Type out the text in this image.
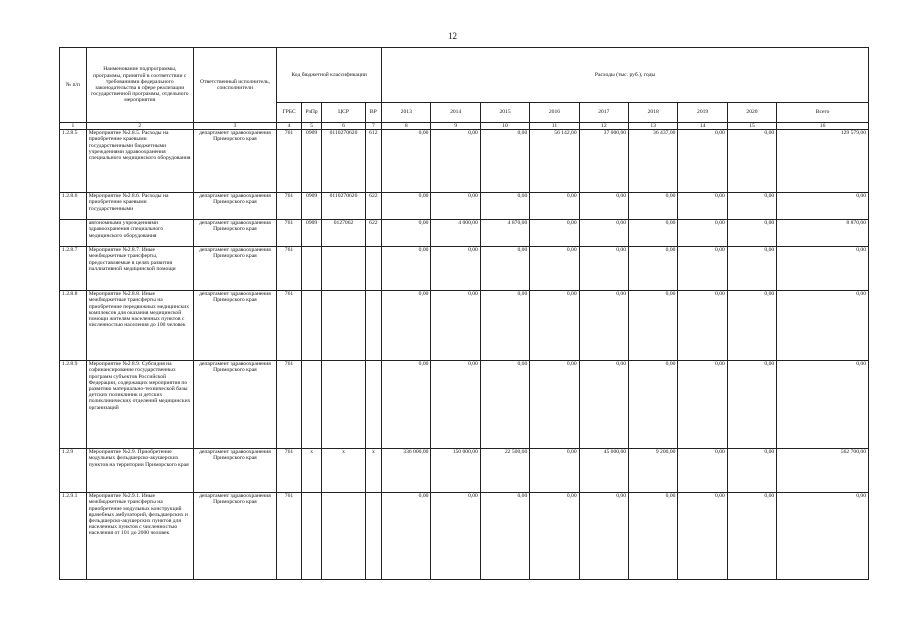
12
№ п/п	Наименование подпрограммы, программы, принятой в соответствии с требованиями федерального законодательства в сфере реализации государственной программы, отдельного мероприятия	Ответственный исполнитель, соисполнители	Код бюджетной классификации				Расходы (тыс. руб.), годы								
			ГРБС	РзПр	ЦСР	ВР	2013	2014	2015	2016	2017	2018	2019	2020	Всего
1	2	3	4	5	6	7	8	9	10	11	12	13	14	15	16
1.2.8.5	Мероприятие №2.8.5. Расходы на приобретение краевыми государственными бюджетными учреждениями здравоохранения специального медицинского оборудования	департамент здравоохранения Приморского края	761	0909	0110270620	612	0,00	0,00	0,00	56 142,00	37 000,00	36 437,00	0,00	0,00	129 579,00
1.2.8.6	Мероприятие №2.8.6. Расходы на приобретение краевыми государственными	департамент здравоохранения Приморского края	761	0909	0110270620	622	0,00	0,00	0,00	0,00	0,00	0,00	0,00	0,00	0,00
	автономными учреждениями здравоохранения специального медицинского оборудования	департамент здравоохранения Приморского края	761	0909	0127062	622	0,00	4 000,00	4 870,00	0,00	0,00	0,00	0,00	0,00	8 870,00
1.2.8.7	Мероприятие №2.8.7. Иные межбюджетные трансферты, предоставляемые в целях развития паллиативной медицинской помощи	департамент здравоохранения Приморского края	761				0,00	0,00	0,00	0,00	0,00	0,00	0,00	0,00	0,00
1.2.8.8	Мероприятие №2.8.8. Иные межбюджетные трансферты на приобретение передвижных медицинских комплексов для оказания медицинской помощи жителям населенных пунктов с численностью населения до 100 человек	департамент здравоохранения Приморского края	761				0,00	0,00	0,00	0,00	0,00	0,00	0,00	0,00	0,00
1.2.8.9	Мероприятие №2.8.9. Субсидия на софинансирование государственных программ субъектов Российской Федерации, содержащих мероприятия по развитию материально-технической базы детских поликлиник и детских поликлинических отделений медицинских организаций	департамент здравоохранения Приморского края	761				0,00	0,00	0,00	0,00	0,00	0,00	0,00	0,00	0,00
1.2.9	Мероприятие №2.9. Приобретение модульных фельдшерско-акушерских пунктов на территории Приморского края	департамент здравоохранения Приморского края	761	х	х	х	336 000,00	150 000,00	22 500,00	0,00	45 000,00	9 200,00	0,00	0,00	562 700,00
1.2.9.1	Мероприятие №2.9.1. Иные межбюджетные трансферты на приобретение модульных конструкций врачебных амбулаторий, фельдшерских и фельдшерско-акушерских пунктов для населенных пунктов с численностью населения от 101 до 2000 человек	департамент здравоохранения Приморского края	761				0,00	0,00	0,00	0,00	0,00	0,00	0,00	0,00	0,00
